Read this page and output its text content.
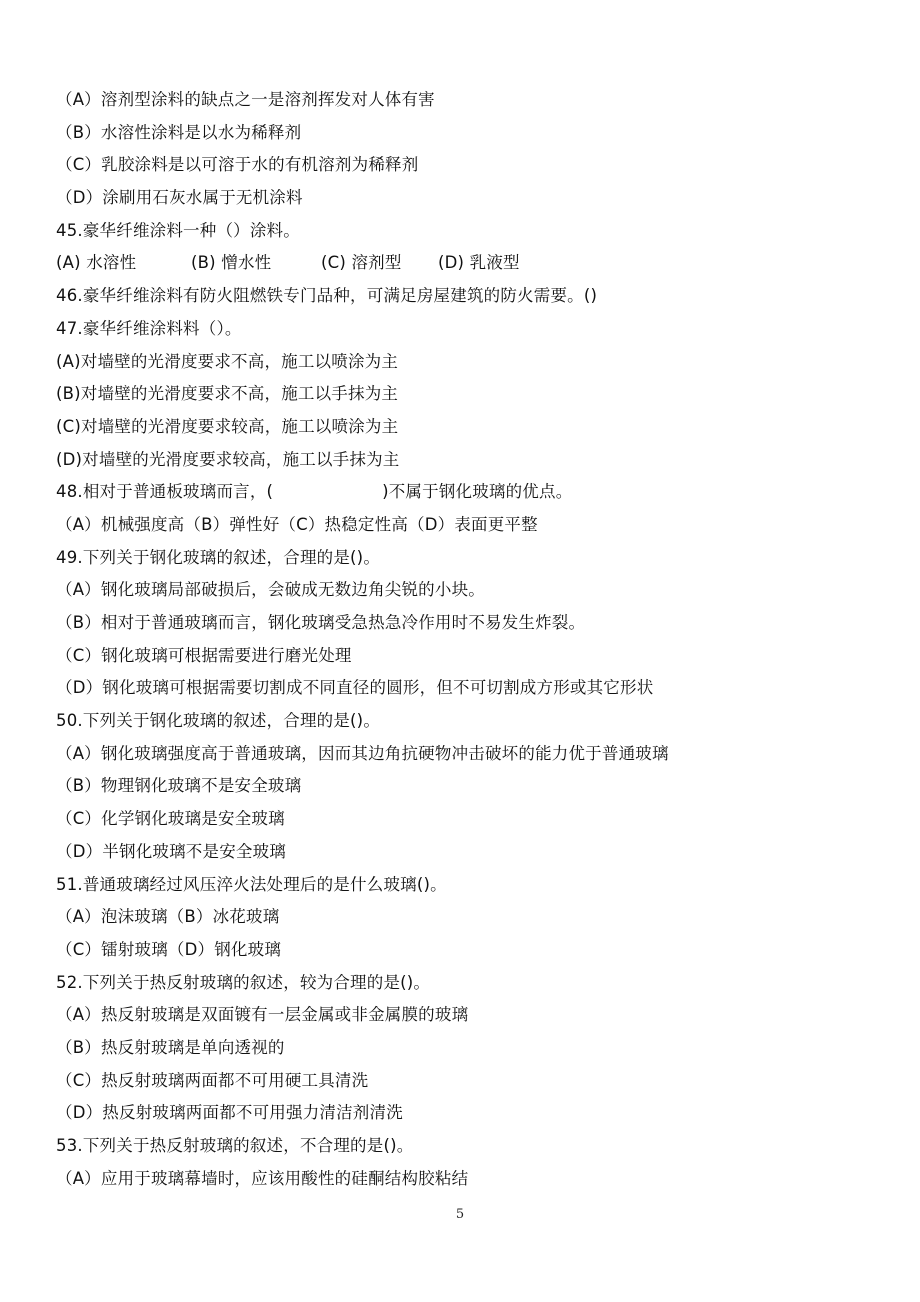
（A）溶剂型涂料的缺点之一是溶剂挥发对人体有害
（B）水溶性涂料是以水为稀释剂
（C）乳胶涂料是以可溶于水的有机溶剂为稀释剂
（D）涂刷用石灰水属于无机涂料
45.豪华纤维涂料一种（）涂料。
(A) 水溶性	(B) 憎水性	(C) 溶剂型 (D) 乳液型
46.豪华纤维涂料有防火阻燃铁专门品种，可满足房屋建筑的防火需要。()
47.豪华纤维涂料料（）。
(A)对墙壁的光滑度要求不高，施工以喷涂为主
(B)对墙壁的光滑度要求不高，施工以手抹为主
(C)对墙壁的光滑度要求较高，施工以喷涂为主
(D)对墙壁的光滑度要求较高，施工以手抹为主
48.相对于普通板玻璃而言，(                    )不属于钢化玻璃的优点。
（A）机械强度高（B）弹性好（C）热稳定性高（D）表面更平整
49.下列关于钢化玻璃的叙述，合理的是()。
（A）钢化玻璃局部破损后，会破成无数边角尖锐的小块。
（B）相对于普通玻璃而言，钢化玻璃受急热急冷作用时不易发生炸裂。
（C）钢化玻璃可根据需要进行磨光处理
（D）钢化玻璃可根据需要切割成不同直径的圆形，但不可切割成方形或其它形状
50.下列关于钢化玻璃的叙述，合理的是()。
（A）钢化玻璃强度高于普通玻璃，因而其边角抗硬物冲击破坏的能力优于普通玻璃
（B）物理钢化玻璃不是安全玻璃
（C）化学钢化玻璃是安全玻璃
（D）半钢化玻璃不是安全玻璃
51.普通玻璃经过风压淬火法处理后的是什么玻璃()。
（A）泡沫玻璃（B）冰花玻璃
（C）镭射玻璃（D）钢化玻璃
52.下列关于热反射玻璃的叙述，较为合理的是()。
（A）热反射玻璃是双面镀有一层金属或非金属膜的玻璃
（B）热反射玻璃是单向透视的
（C）热反射玻璃两面都不可用硬工具清洗
（D）热反射玻璃两面都不可用强力清洁剂清洗
53.下列关于热反射玻璃的叙述，不合理的是()。
（A）应用于玻璃幕墙时，应该用酸性的硅酮结构胶粘结
5
